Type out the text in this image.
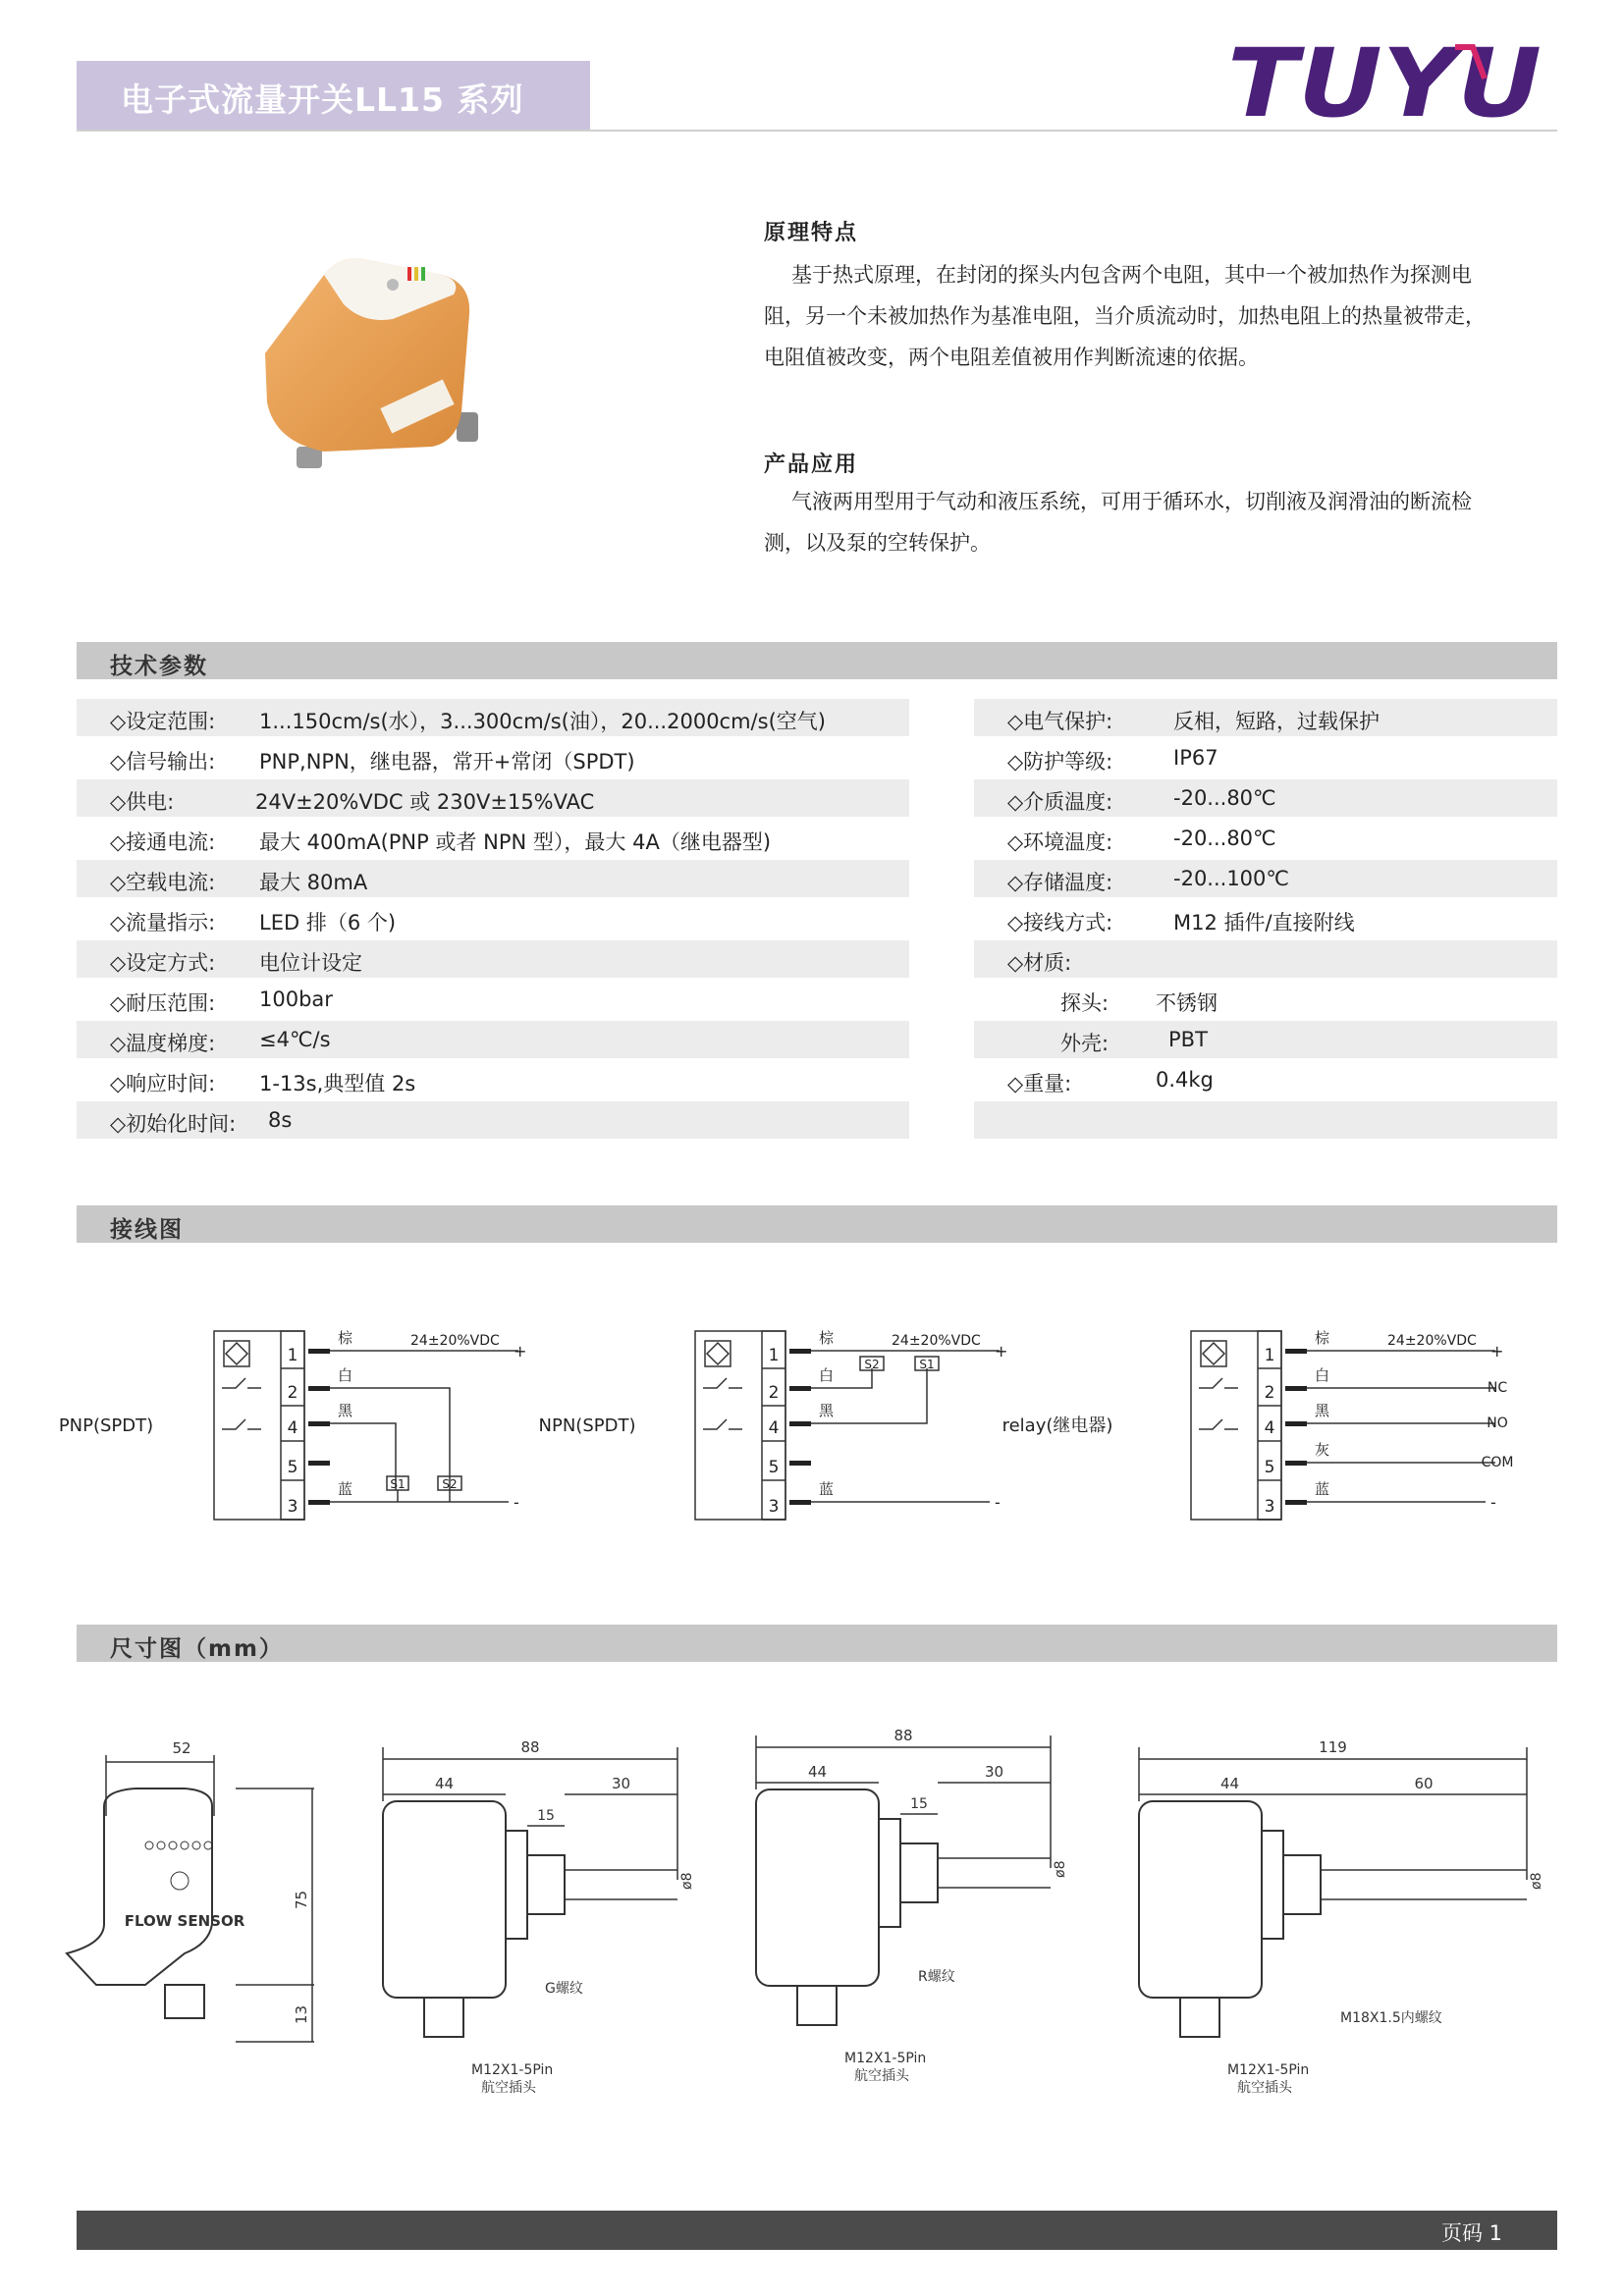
电子式流量开关LL15 系列	TUYU
原理特点
基于热式原理，在封闭的探头内包含两个电阻，其中一个被加热作为探测电阻，另一个未被加热作为基准电阻，当介质流动时，加热电阻上的热量被带走，电阻值被改变，两个电阻差值被用作判断流速的依据。
产品应用
气液两用型用于气动和液压系统，可用于循环水，切削液及润滑油的断流检测，以及泵的空转保护。
技术参数
◇设定范围: 1...150cm/s(水），3...300cm/s(油），20...2000cm/s(空气)
◇信号输出: PNP,NPN，继电器，常开+常闭（SPDT)
◇供电:	24V±20%VDC 或 230V±15%VAC
◇接通电流: 最大 400mA(PNP 或者 NPN 型），最大 4A（继电器型)
◇空载电流: 最大 80mA
◇流量指示: LED 排（6 个)
◇设定方式: 电位计设定
◇耐压范围: 100bar
◇温度梯度: ≤4℃/s
◇响应时间: 1-13s,典型值 2s
◇初始化时间: 8s
◇电气保护:	反相，短路，过载保护
◇防护等级:	IP67
◇介质温度:	-20...80℃
◇环境温度:	-20...80℃
◇存储温度:	-20...100℃
◇接线方式:	M12 插件/直接附线
◇材质:
探头: 不锈钢
外壳:	PBT
◇重量:	0.4kg
接线图
PNP(SPDT)
1
棕
2
白
4
黑
5
3
蓝
24±20%VDC
+
-
S1	S2
NPN(SPDT)
1
棕
2
白
4
黑
5
3
蓝
24±20%VDC
+
-
S2	S1
relay(继电器)
1
棕
2
白
4
黑
5
灰
3
蓝
24±20%VDC
+
-
NC
NO
COM
尺寸图（mm）
52
75
13
FLOW SENSOR
88
44	30
15
ø8
G螺纹
M12X1-5Pin
航空插头
88
44	30
15
ø8
R螺纹
M12X1-5Pin
航空插头
119
44	60
ø8
M18X1.5内螺纹
M12X1-5Pin
航空插头
页码 1
